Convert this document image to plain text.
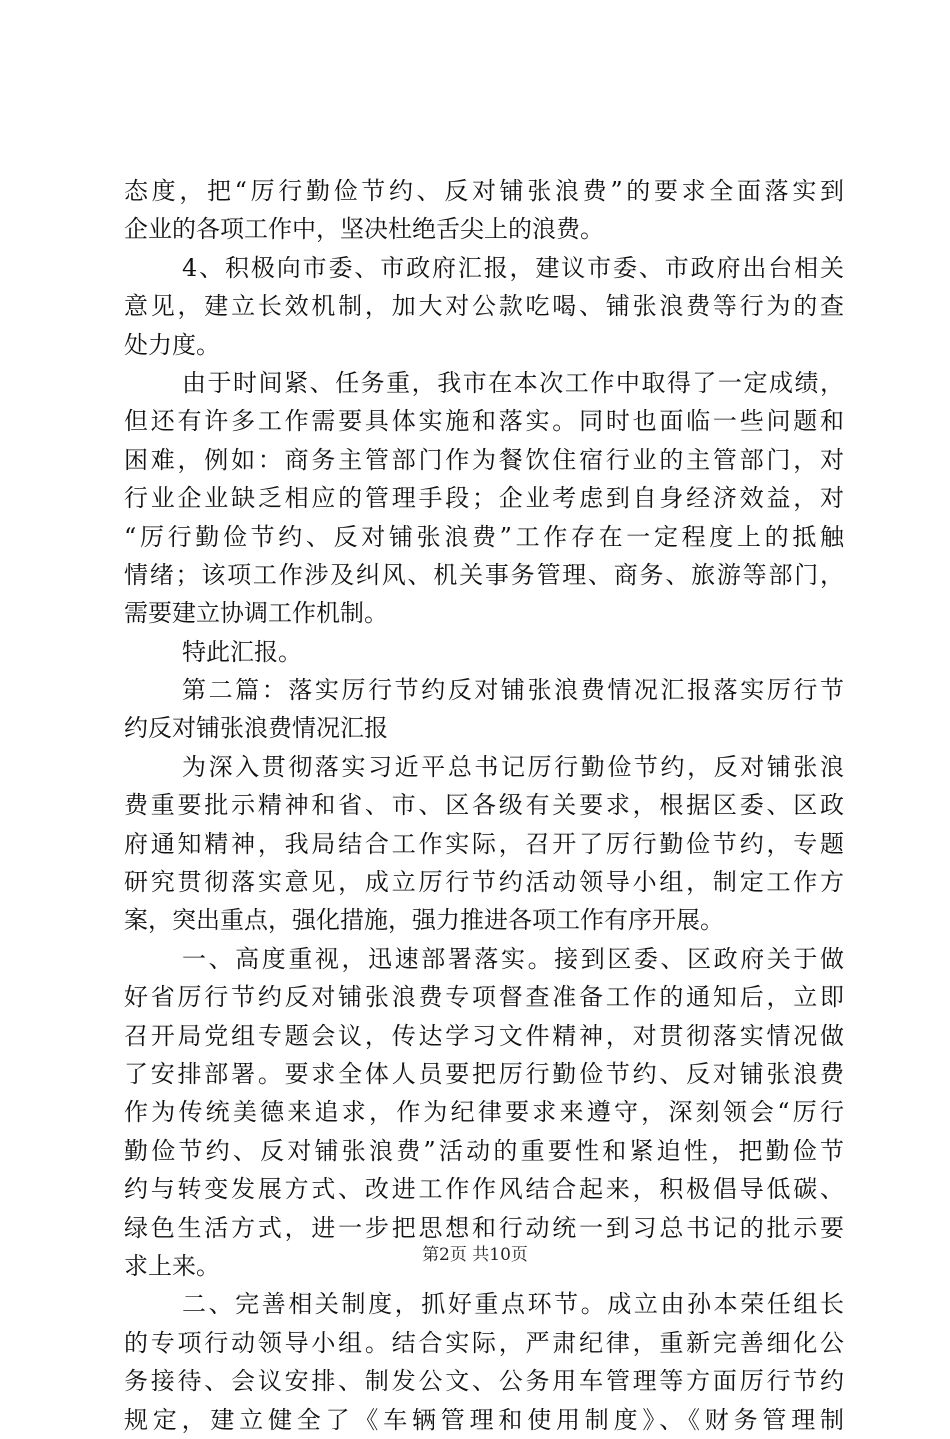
态度，把“厉行勤俭节约、反对铺张浪费”的要求全面落实到
企业的各项工作中，坚决杜绝舌尖上的浪费。
4、积极向市委、市政府汇报，建议市委、市政府出台相关
意见，建立长效机制，加大对公款吃喝、铺张浪费等行为的查
处力度。
由于时间紧、任务重，我市在本次工作中取得了一定成绩，
但还有许多工作需要具体实施和落实。同时也面临一些问题和
困难，例如：商务主管部门作为餐饮住宿行业的主管部门，对
行业企业缺乏相应的管理手段；企业考虑到自身经济效益，对
“厉行勤俭节约、反对铺张浪费”工作存在一定程度上的抵触
情绪；该项工作涉及纠风、机关事务管理、商务、旅游等部门，
需要建立协调工作机制。
特此汇报。
第二篇：落实厉行节约反对铺张浪费情况汇报落实厉行节
约反对铺张浪费情况汇报
为深入贯彻落实习近平总书记厉行勤俭节约，反对铺张浪
费重要批示精神和省、市、区各级有关要求，根据区委、区政
府通知精神，我局结合工作实际，召开了厉行勤俭节约，专题
研究贯彻落实意见，成立厉行节约活动领导小组，制定工作方
案，突出重点，强化措施，强力推进各项工作有序开展。
一、高度重视，迅速部署落实。接到区委、区政府关于做
好省厉行节约反对铺张浪费专项督查准备工作的通知后，立即
召开局党组专题会议，传达学习文件精神，对贯彻落实情况做
了安排部署。要求全体人员要把厉行勤俭节约、反对铺张浪费
作为传统美德来追求，作为纪律要求来遵守，深刻领会“厉行
勤俭节约、反对铺张浪费”活动的重要性和紧迫性，把勤俭节
约与转变发展方式、改进工作作风结合起来，积极倡导低碳、
绿色生活方式，进一步把思想和行动统一到习总书记的批示要
求上来。
二、完善相关制度，抓好重点环节。成立由孙本荣任组长
的专项行动领导小组。结合实际，严肃纪律，重新完善细化公
务接待、会议安排、制发公文、公务用车管理等方面厉行节约
规定，建立健全了《车辆管理和使用制度》、《财务管理制
第2页 共10页
